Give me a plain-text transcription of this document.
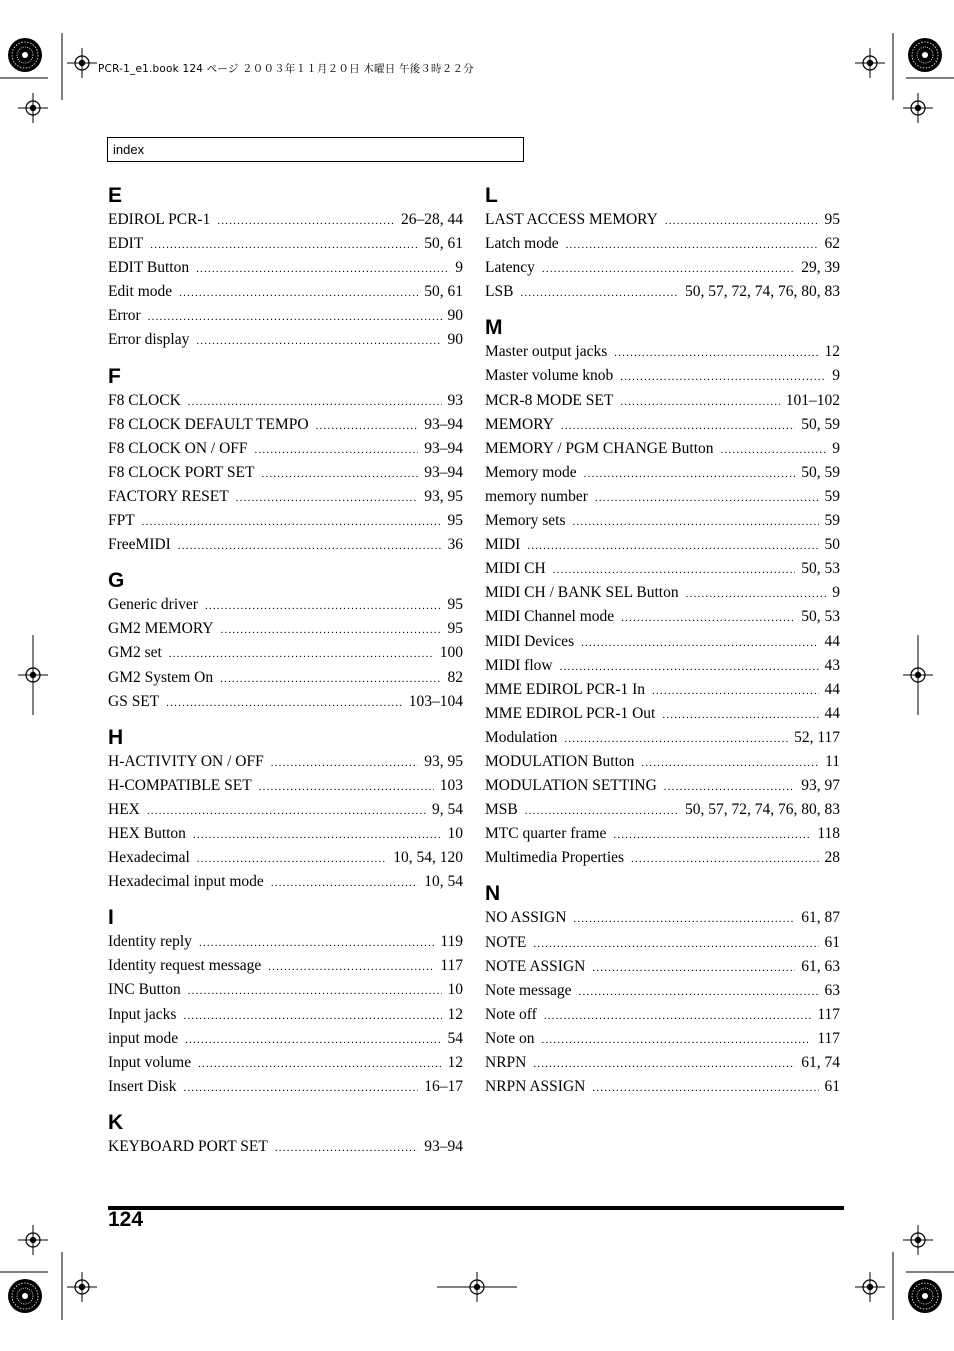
PCR-1_e1.book 124 ページ ２００３年１１月２０日 木曜日 午後３時２２分
index
E
EDIROL PCR-1 .....	26–28, 44
EDIT .....	50, 61
EDIT Button .....	9
Edit mode .....	50, 61
Error .....	90
Error display .....	90
F
F8 CLOCK .....	93
F8 CLOCK DEFAULT TEMPO .....	93–94
F8 CLOCK ON / OFF .....	93–94
F8 CLOCK PORT SET .....	93–94
FACTORY RESET .....	93, 95
FPT .....	95
FreeMIDI .....	36
G
Generic driver .....	95
GM2 MEMORY .....	95
GM2 set .....	100
GM2 System On .....	82
GS SET .....	103–104
H
H-ACTIVITY ON / OFF .....	93, 95
H-COMPATIBLE SET .....	103
HEX .....	9, 54
HEX Button .....	10
Hexadecimal .....	10, 54, 120
Hexadecimal input mode .....	10, 54
I
Identity reply .....	119
Identity request message .....	117
INC Button .....	10
Input jacks .....	12
input mode .....	54
Input volume .....	12
Insert Disk .....	16–17
K
KEYBOARD PORT SET .....	93–94
L
LAST ACCESS MEMORY .....	95
Latch mode .....	62
Latency .....	29, 39
LSB .....	50, 57, 72, 74, 76, 80, 83
M
Master output jacks .....	12
Master volume knob .....	9
MCR-8 MODE SET .....	101–102
MEMORY .....	50, 59
MEMORY / PGM CHANGE Button .....	9
Memory mode .....	50, 59
memory number .....	59
Memory sets .....	59
MIDI .....	50
MIDI CH .....	50, 53
MIDI CH / BANK SEL Button .....	9
MIDI Channel mode .....	50, 53
MIDI Devices .....	44
MIDI flow .....	43
MME EDIROL PCR-1 In .....	44
MME EDIROL PCR-1 Out .....	44
Modulation .....	52, 117
MODULATION Button .....	11
MODULATION SETTING .....	93, 97
MSB .....	50, 57, 72, 74, 76, 80, 83
MTC quarter frame .....	118
Multimedia Properties .....	28
N
NO ASSIGN .....	61, 87
NOTE .....	61
NOTE ASSIGN .....	61, 63
Note message .....	63
Note off .....	117
Note on .....	117
NRPN .....	61, 74
NRPN ASSIGN .....	61
124
